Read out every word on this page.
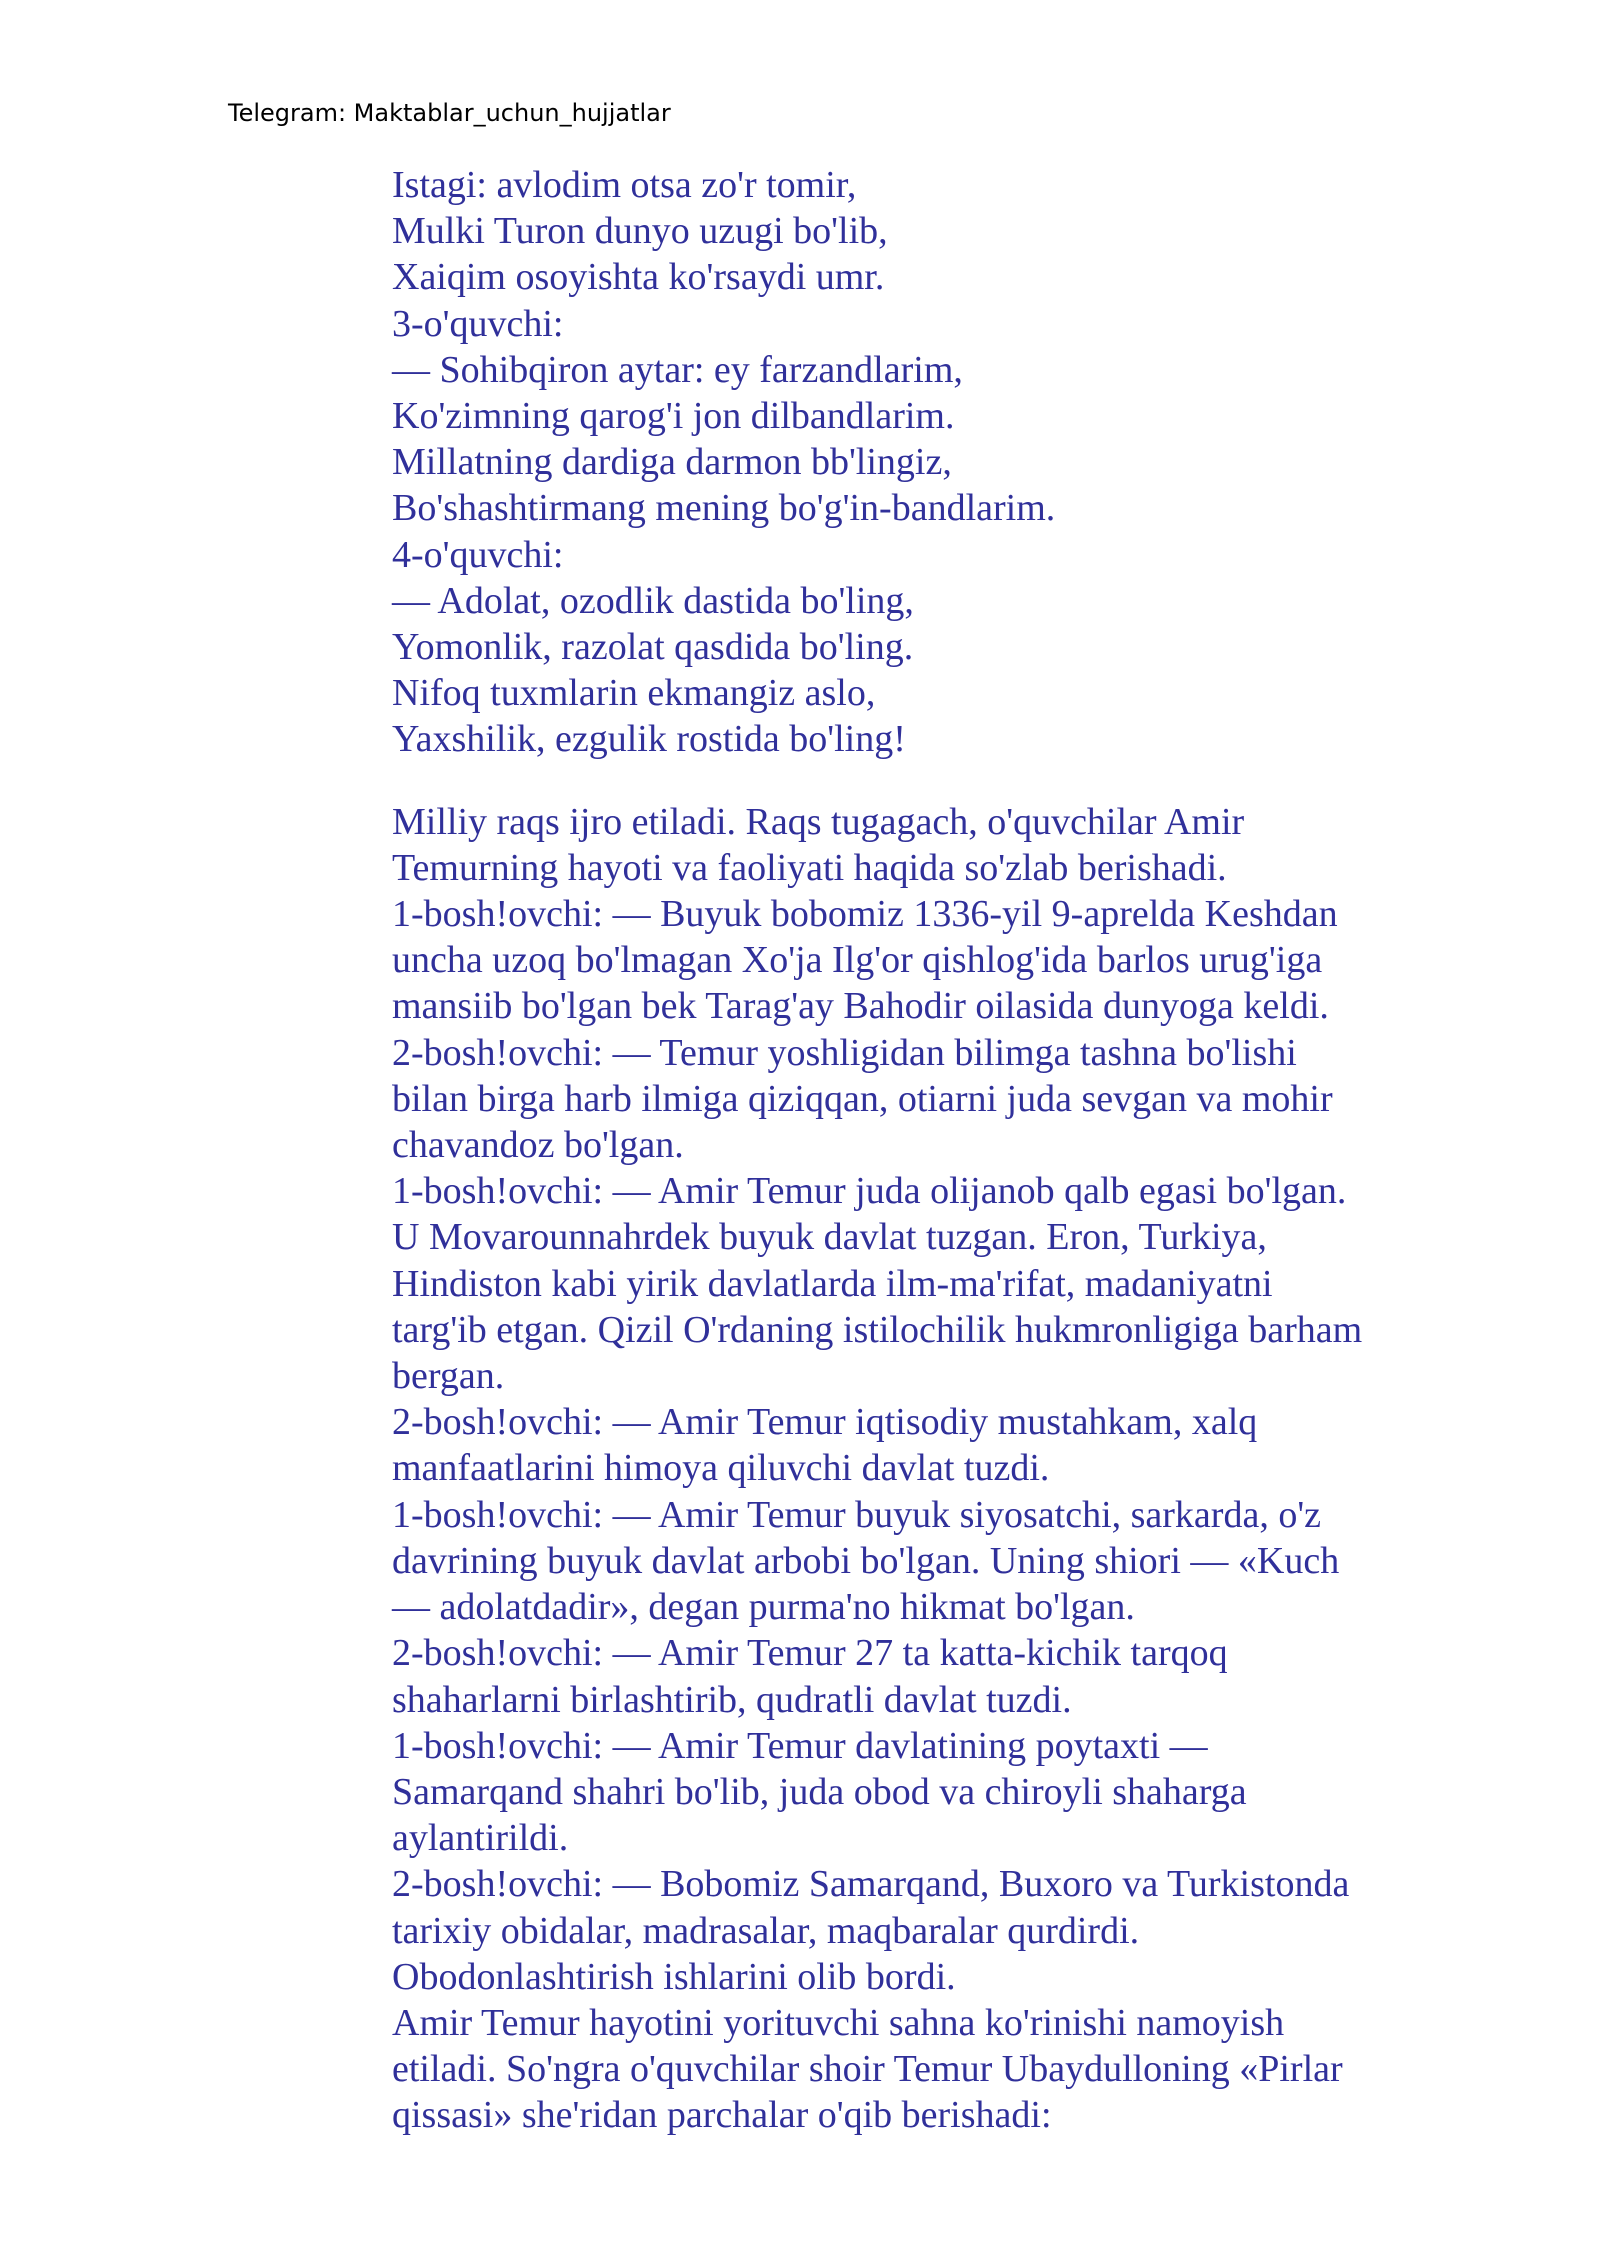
Telegram: Maktablar_uchun_hujjatlar
Istagi: avlodim otsa zo'r tomir,
Mulki Turon dunyo uzugi bo'lib,
Xaiqim osoyishta ko'rsaydi umr.
3-o'quvchi:
— Sohibqiron aytar: ey farzandlarim,
Ko'zimning qarog'i jon dilbandlarim.
Millatning dardiga darmon bb'lingiz,
Bo'shashtirmang mening bo'g'in-bandlarim.
4-o'quvchi:
— Adolat, ozodlik dastida bo'ling,
Yomonlik, razolat qasdida bo'ling.
Nifoq tuxmlarin ekmangiz aslo,
Yaxshilik, ezgulik rostida bo'ling!
Milliy raqs ijro etiladi. Raqs tugagach, o'quvchilar Amir
Temurning hayoti va faoliyati haqida so'zlab berishadi.
1-bosh!ovchi: — Buyuk bobomiz 1336-yil 9-aprelda Keshdan
uncha uzoq bo'lmagan Xo'ja Ilg'or qishlog'ida barlos urug'iga
mansiib bo'lgan bek Tarag'ay Bahodir oilasida dunyoga keldi.
2-bosh!ovchi: — Temur yoshligidan bilimga tashna bo'lishi
bilan birga harb ilmiga qiziqqan, otiarni juda sevgan va mohir
chavandoz bo'lgan.
1-bosh!ovchi: — Amir Temur juda olijanob qalb egasi bo'lgan.
U Movarounnahrdek buyuk davlat tuzgan. Eron, Turkiya,
Hindiston kabi yirik davlatlarda ilm-ma'rifat, madaniyatni
targ'ib etgan. Qizil O'rdaning istilochilik hukmronligiga barham
bergan.
2-bosh!ovchi: — Amir Temur iqtisodiy mustahkam, xalq
manfaatlarini himoya qiluvchi davlat tuzdi.
1-bosh!ovchi: — Amir Temur buyuk siyosatchi, sarkarda, o'z
davrining buyuk davlat arbobi bo'lgan. Uning shiori — «Kuch
— adolatdadir», degan purma'no hikmat bo'lgan.
2-bosh!ovchi: — Amir Temur 27 ta katta-kichik tarqoq
shaharlarni birlashtirib, qudratli davlat tuzdi.
1-bosh!ovchi: — Amir Temur davlatining poytaxti —
Samarqand shahri bo'lib, juda obod va chiroyli shaharga
aylantirildi.
2-bosh!ovchi: — Bobomiz Samarqand, Buxoro va Turkistonda
tarixiy obidalar, madrasalar, maqbaralar qurdirdi.
Obodonlashtirish ishlarini olib bordi.
Amir Temur hayotini yorituvchi sahna ko'rinishi namoyish
etiladi. So'ngra o'quvchilar shoir Temur Ubaydulloning «Pirlar
qissasi» she'ridan parchalar o'qib berishadi:
